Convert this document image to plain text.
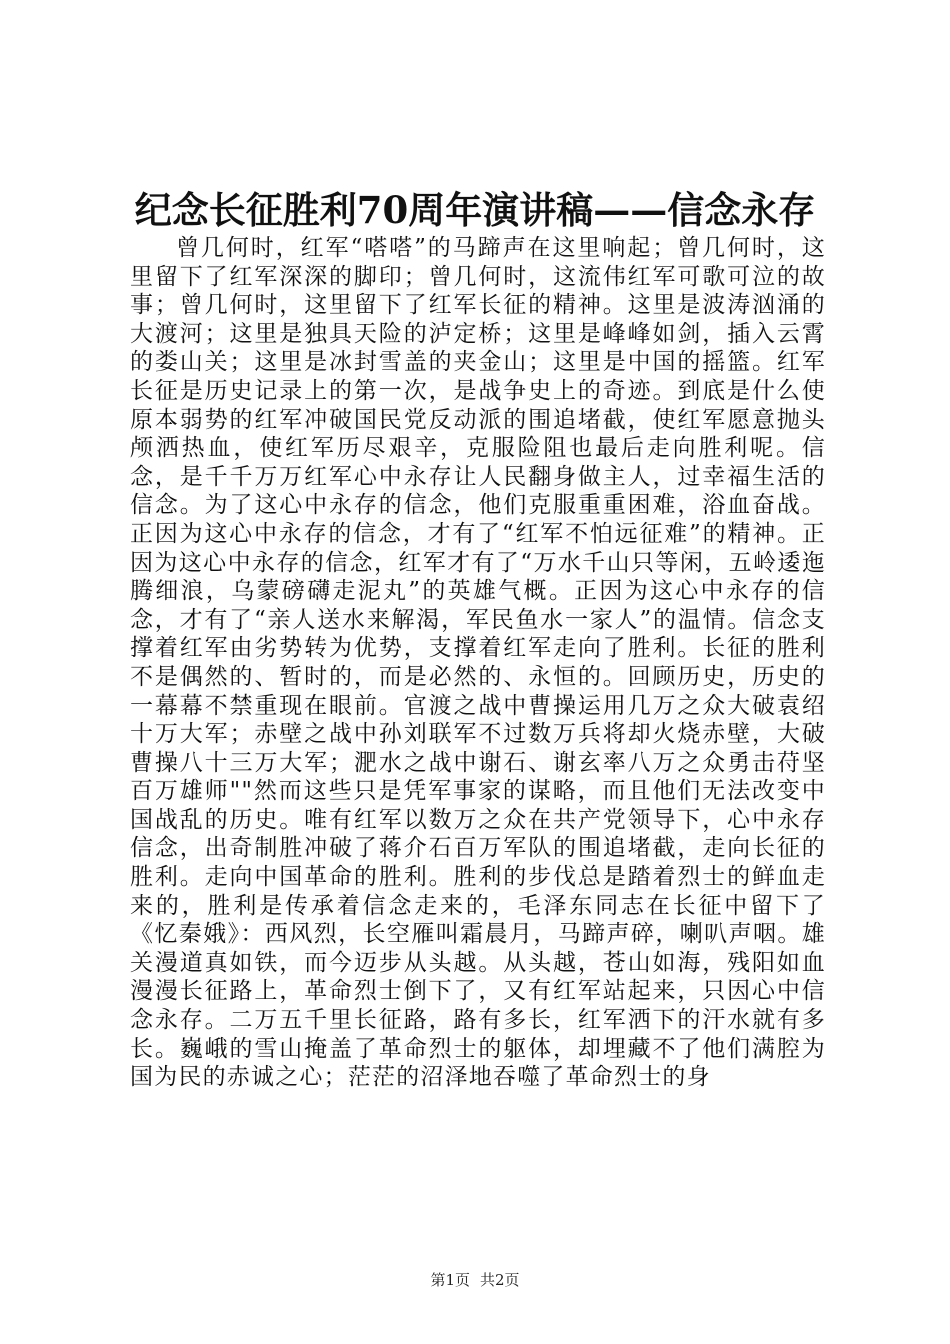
纪念长征胜利70周年演讲稿——信念永存

曾几何时，红军“嗒嗒”的马蹄声在这里响起；曾几何时，这里留下了红军深深的脚印；曾几何时，这流伟红军可歌可泣的故事；曾几何时，这里留下了红军长征的精神。这里是波涛汹涌的大渡河；这里是独具天险的泸定桥；这里是峰峰如剑，插入云霄的娄山关；这里是冰封雪盖的夹金山；这里是中国的摇篮。红军长征是历史记录上的第一次，是战争史上的奇迹。到底是什么使原本弱势的红军冲破国民党反动派的围追堵截，使红军愿意抛头颅洒热血，使红军历尽艰辛，克服险阻也最后走向胜利呢。信念，是千千万万红军心中永存让人民翻身做主人，过幸福生活的信念。为了这心中永存的信念，他们克服重重困难，浴血奋战。正因为这心中永存的信念，才有了“红军不怕远征难”的精神。正因为这心中永存的信念，红军才有了“万水千山只等闲，五岭逶迤腾细浪，乌蒙磅礴走泥丸”的英雄气概。正因为这心中永存的信念，才有了“亲人送水来解渴，军民鱼水一家人”的温情。信念支撑着红军由劣势转为优势，支撑着红军走向了胜利。长征的胜利不是偶然的、暂时的，而是必然的、永恒的。回顾历史，历史的一幕幕不禁重现在眼前。官渡之战中曹操运用几万之众大破袁绍十万大军；赤壁之战中孙刘联军不过数万兵将却火烧赤壁，大破曹操八十三万大军；淝水之战中谢石、谢玄率八万之众勇击苻坚百万雄师""然而这些只是凭军事家的谋略，而且他们无法改变中国战乱的历史。唯有红军以数万之众在共产党领导下，心中永存信念，出奇制胜冲破了蒋介石百万军队的围追堵截，走向长征的胜利。走向中国革命的胜利。胜利的步伐总是踏着烈士的鲜血走来的，胜利是传承着信念走来的，毛泽东同志在长征中留下了《忆秦娥》：西风烈，长空雁叫霜晨月，马蹄声碎，喇叭声咽。雄关漫道真如铁，而今迈步从头越。从头越，苍山如海，残阳如血漫漫长征路上，革命烈士倒下了，又有红军站起来，只因心中信念永存。二万五千里长征路，路有多长，红军洒下的汗水就有多长。巍峨的雪山掩盖了革命烈士的躯体，却埋藏不了他们满腔为国为民的赤诚之心；茫茫的沼泽地吞噬了革命烈士的身

第1页 共2页
